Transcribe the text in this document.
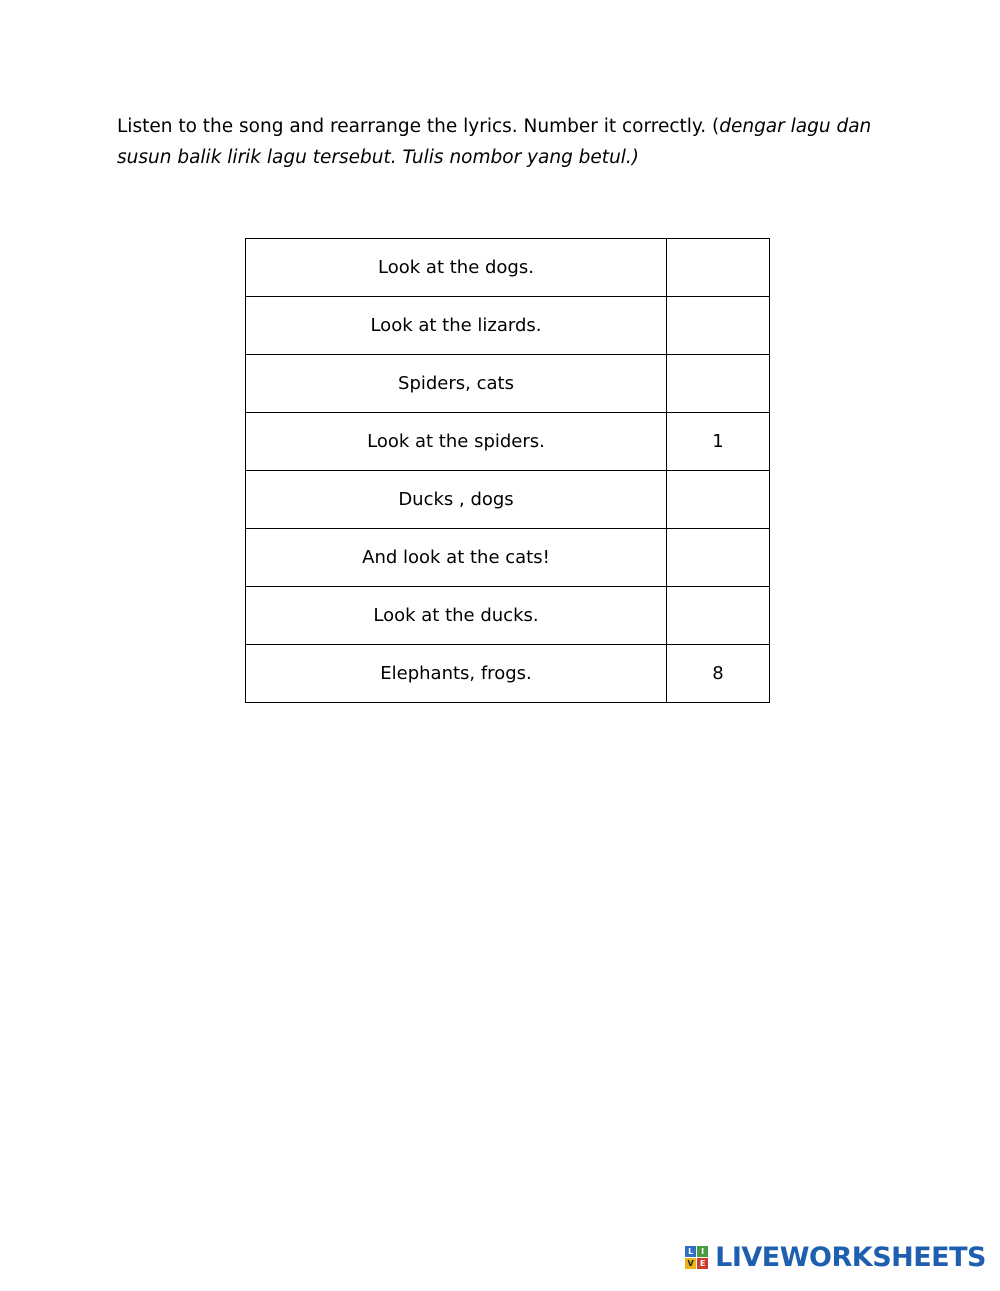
Listen to the song and rearrange the lyrics. Number it correctly. (dengar lagu dan susun balik lirik lagu tersebut. Tulis nombor yang betul.)
Look at the dogs.	
Look at the lizards.	
Spiders, cats	
Look at the spiders.	1
Ducks , dogs	
And look at the cats!	
Look at the ducks.	
Elephants, frogs.	8
L I
V E LIVEWORKSHEETS
